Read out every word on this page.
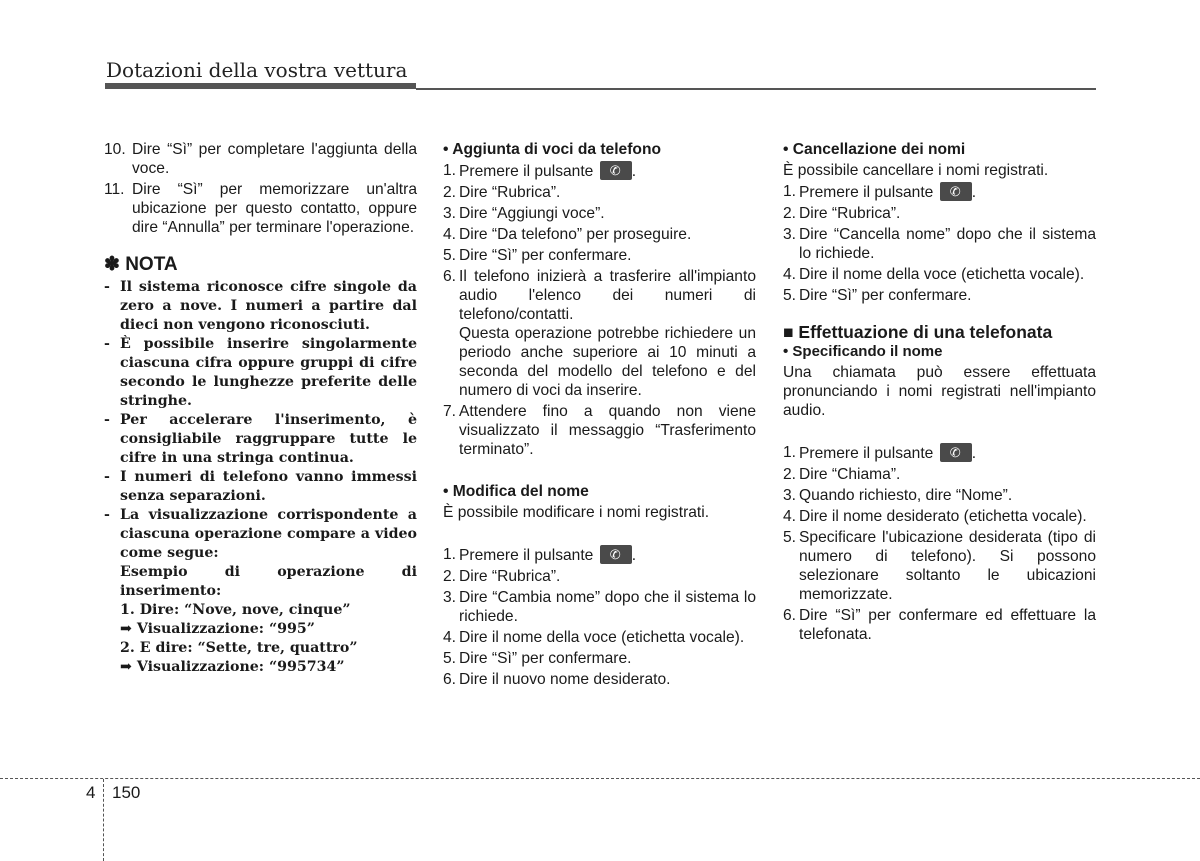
Dotazioni della vostra vettura
10. Dire “Sì” per completare l'aggiunta della voce.
11. Dire “Sì” per memorizzare un'altra ubicazione per questo contatto, oppure dire “Annulla” per terminare l'operazione.
✽ NOTA
- Il sistema riconosce cifre singole da zero a nove. I numeri a partire dal dieci non vengono riconosciuti.
- È possibile inserire singolarmente ciascuna cifra oppure gruppi di cifre secondo le lunghezze preferite delle stringhe.
- Per accelerare l'inserimento, è consigliabile raggruppare tutte le cifre in una stringa continua.
- I numeri di telefono vanno immessi senza separazioni.
- La visualizzazione corrispondente a ciascuna operazione compare a video come segue:
Esempio di operazione di inserimento:
1. Dire: “Nove, nove, cinque”
➡ Visualizzazione: “995”
2. E dire: “Sette, tre, quattro”
➡ Visualizzazione: “995734”
• Aggiunta di voci da telefono
1. Premere il pulsante ✆ .
2. Dire “Rubrica”.
3. Dire “Aggiungi voce”.
4. Dire “Da telefono” per proseguire.
5. Dire “Sì” per confermare.
6. Il telefono inizierà a trasferire all'impianto audio l'elenco dei numeri di telefono/contatti.
Questa operazione potrebbe richiedere un periodo anche superiore ai 10 minuti a seconda del modello del telefono e del numero di voci da inserire.
7. Attendere fino a quando non viene visualizzato il messaggio “Trasferimento terminato”.
• Modifica del nome
È possibile modificare i nomi registrati.
1. Premere il pulsante ✆ .
2. Dire “Rubrica”.
3. Dire “Cambia nome” dopo che il sistema lo richiede.
4. Dire il nome della voce (etichetta vocale).
5. Dire “Sì” per confermare.
6. Dire il nuovo nome desiderato.
• Cancellazione dei nomi
È possibile cancellare i nomi registrati.
1. Premere il pulsante ✆ .
2. Dire “Rubrica”.
3. Dire “Cancella nome” dopo che il sistema lo richiede.
4. Dire il nome della voce (etichetta vocale).
5. Dire “Sì” per confermare.
■ Effettuazione di una telefonata
• Specificando il nome
Una chiamata può essere effettuata pronunciando i nomi registrati nell'impianto audio.
1. Premere il pulsante ✆ .
2. Dire “Chiama”.
3. Quando richiesto, dire “Nome”.
4. Dire il nome desiderato (etichetta vocale).
5. Specificare l'ubicazione desiderata (tipo di numero di telefono). Si possono selezionare soltanto le ubicazioni memorizzate.
6. Dire “Sì” per confermare ed effettuare la telefonata.
4 150
